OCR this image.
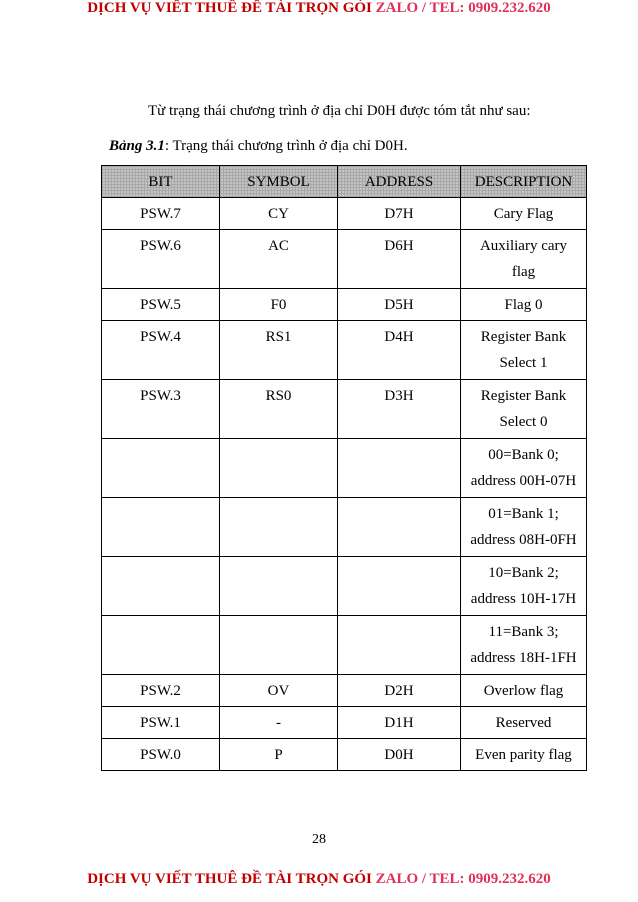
DỊCH VỤ VIẾT THUÊ ĐỀ TÀI TRỌN GÓI ZALO / TEL: 0909.232.620
Từ trạng thái chương trình ở địa chỉ D0H được tóm tắt như sau:
Bảng 3.1: Trạng thái chương trình ở địa chỉ D0H.
BIT	SYMBOL	ADDRESS	DESCRIPTION
PSW.7	CY	D7H	Cary Flag

PSW.6	AC	D6H	Auxiliary cary
flag

PSW.5	F0	D5H	Flag 0

PSW.4	RS1	D4H	Register Bank
Select 1

PSW.3	RS0	D3H	Register Bank
Select 0

			00=Bank 0;
address 00H-07H

			01=Bank 1;
address 08H-0FH

			10=Bank 2;
address 10H-17H

			11=Bank 3;
address 18H-1FH

PSW.2	OV	D2H	Overlow flag

PSW.1	-	D1H	Reserved

PSW.0	P	D0H	Even parity flag
28
DỊCH VỤ VIẾT THUÊ ĐỀ TÀI TRỌN GÓI ZALO / TEL: 0909.232.620
